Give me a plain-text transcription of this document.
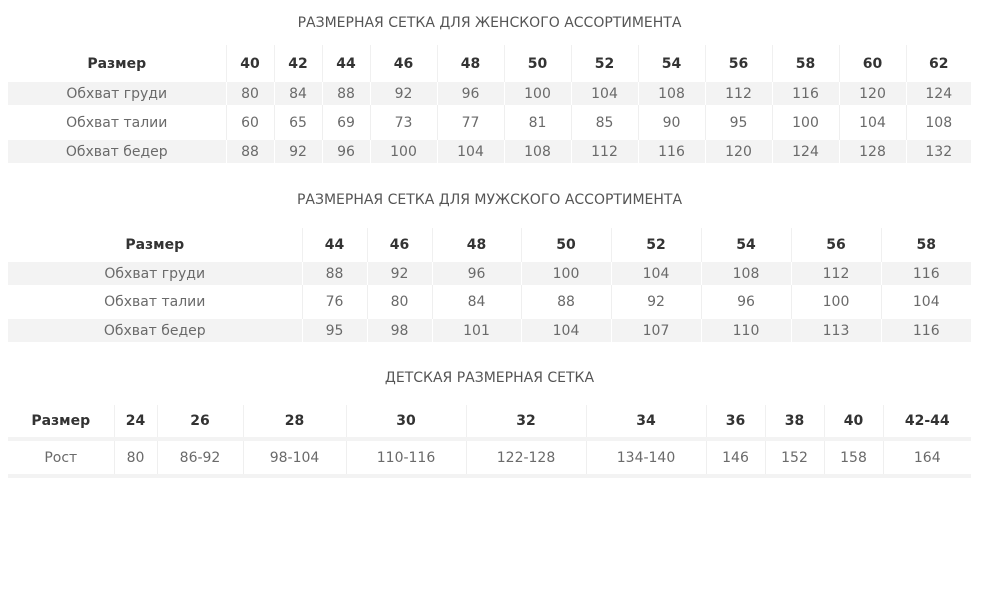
РАЗМЕРНАЯ СЕТКА ДЛЯ ЖЕНСКОГО АССОРТИМЕНТА
Размер	40	42	44	46	48	50	52	54	56	58	60	62
Обхват груди	80	84	88	92	96	100	104	108	112	116	120	124
Обхват талии	60	65	69	73	77	81	85	90	95	100	104	108
Обхват бедер	88	92	96	100	104	108	112	116	120	124	128	132
РАЗМЕРНАЯ СЕТКА ДЛЯ МУЖСКОГО АССОРТИМЕНТА
Размер	44	46	48	50	52	54	56	58
Обхват груди	88	92	96	100	104	108	112	116
Обхват талии	76	80	84	88	92	96	100	104
Обхват бедер	95	98	101	104	107	110	113	116
ДЕТСКАЯ РАЗМЕРНАЯ СЕТКА
Размер	24	26	28	30	32	34	36	38	40	42-44

Рост	80	86-92	98-104	110-116	122-128	134-140	146	152	158	164
